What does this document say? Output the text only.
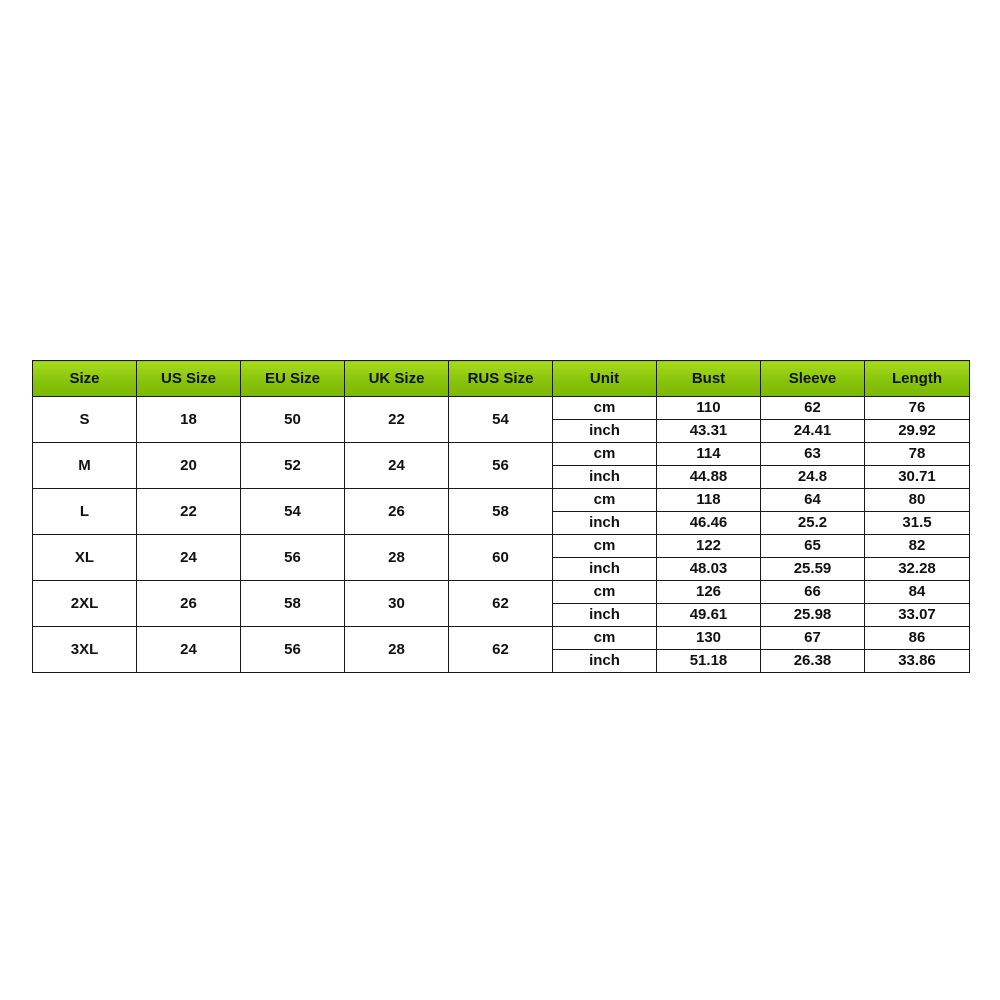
Size	US Size	EU Size	UK Size	RUS Size	Unit	Bust	Sleeve	Length
S	18	50	22	54	cm	110	62	76
					inch	43.31	24.41	29.92
M	20	52	24	56	cm	114	63	78
					inch	44.88	24.8	30.71
L	22	54	26	58	cm	118	64	80
					inch	46.46	25.2	31.5
XL	24	56	28	60	cm	122	65	82
					inch	48.03	25.59	32.28
2XL	26	58	30	62	cm	126	66	84
					inch	49.61	25.98	33.07
3XL	24	56	28	62	cm	130	67	86
					inch	51.18	26.38	33.86
